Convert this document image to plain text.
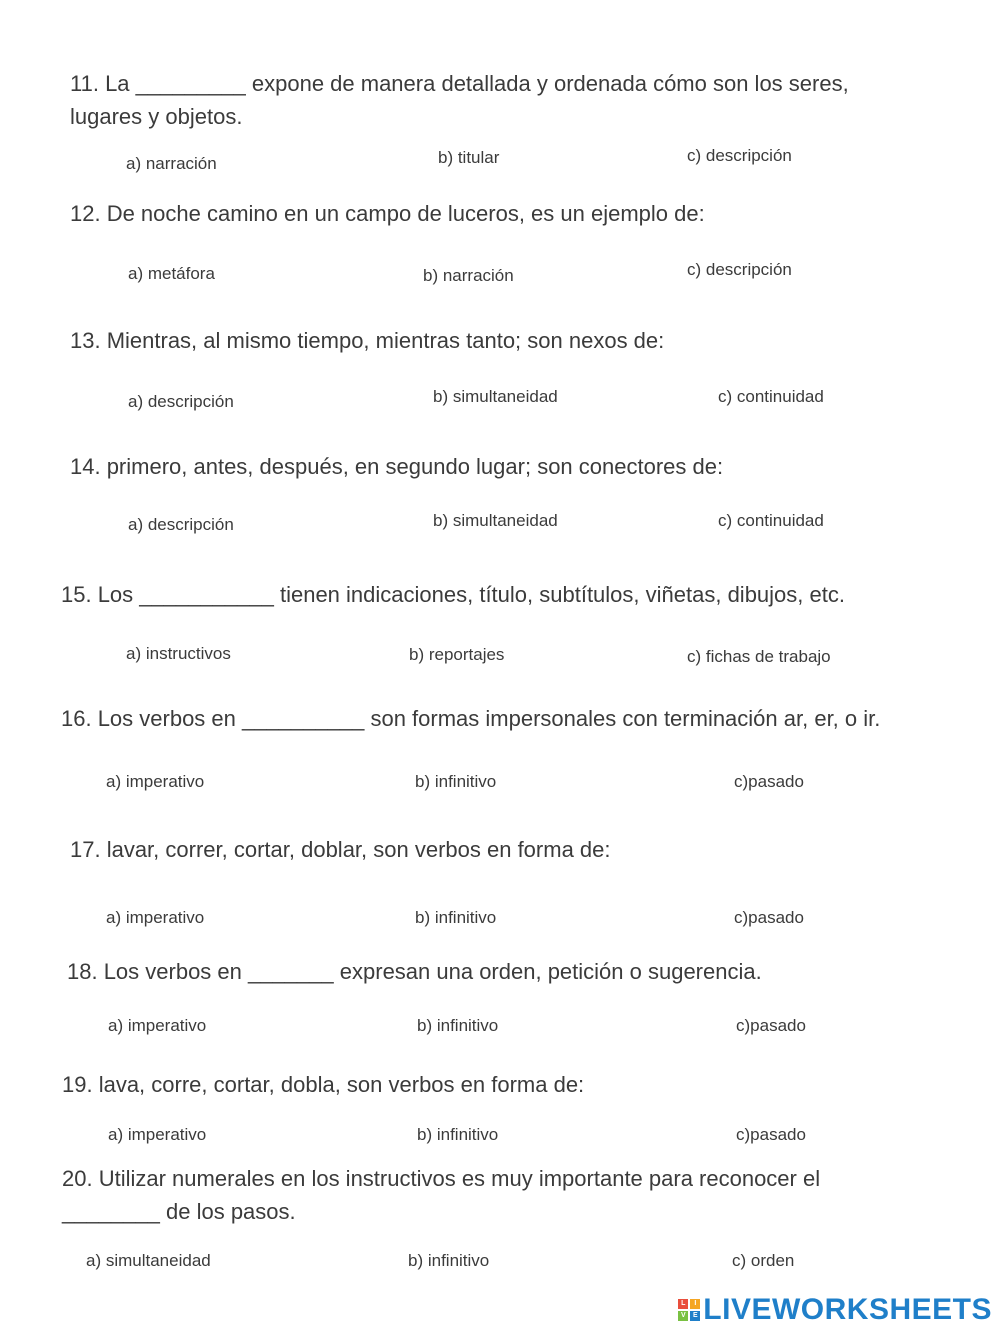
11. La _________ expone de manera detallada y ordenada cómo son los seres, lugares y objetos.
a) narración	b) titular	c) descripción
12. De noche camino en un campo de luceros, es un ejemplo de:
a) metáfora	b) narración	c) descripción
13. Mientras, al mismo tiempo, mientras tanto; son nexos de:
a) descripción	b) simultaneidad	c) continuidad
14. primero, antes, después, en segundo lugar; son conectores de:
a) descripción	b) simultaneidad	c) continuidad
15. Los ___________ tienen indicaciones, título, subtítulos, viñetas, dibujos, etc.
a) instructivos	b) reportajes	c) fichas de trabajo
16. Los verbos en __________ son formas impersonales con terminación ar, er, o ir.
a) imperativo	b) infinitivo	c)pasado
17. lavar, correr, cortar, doblar, son verbos en forma de:
a) imperativo	b) infinitivo	c)pasado
18. Los verbos en _______ expresan una orden, petición o sugerencia.
a) imperativo	b) infinitivo	c)pasado
19. lava, corre, cortar, dobla, son verbos en forma de:
a) imperativo	b) infinitivo	c)pasado
20. Utilizar numerales en los instructivos es muy importante para reconocer el ________ de los pasos.
a) simultaneidad	b) infinitivo	c) orden
L	I
V	E LIVEWORKSHEETS
